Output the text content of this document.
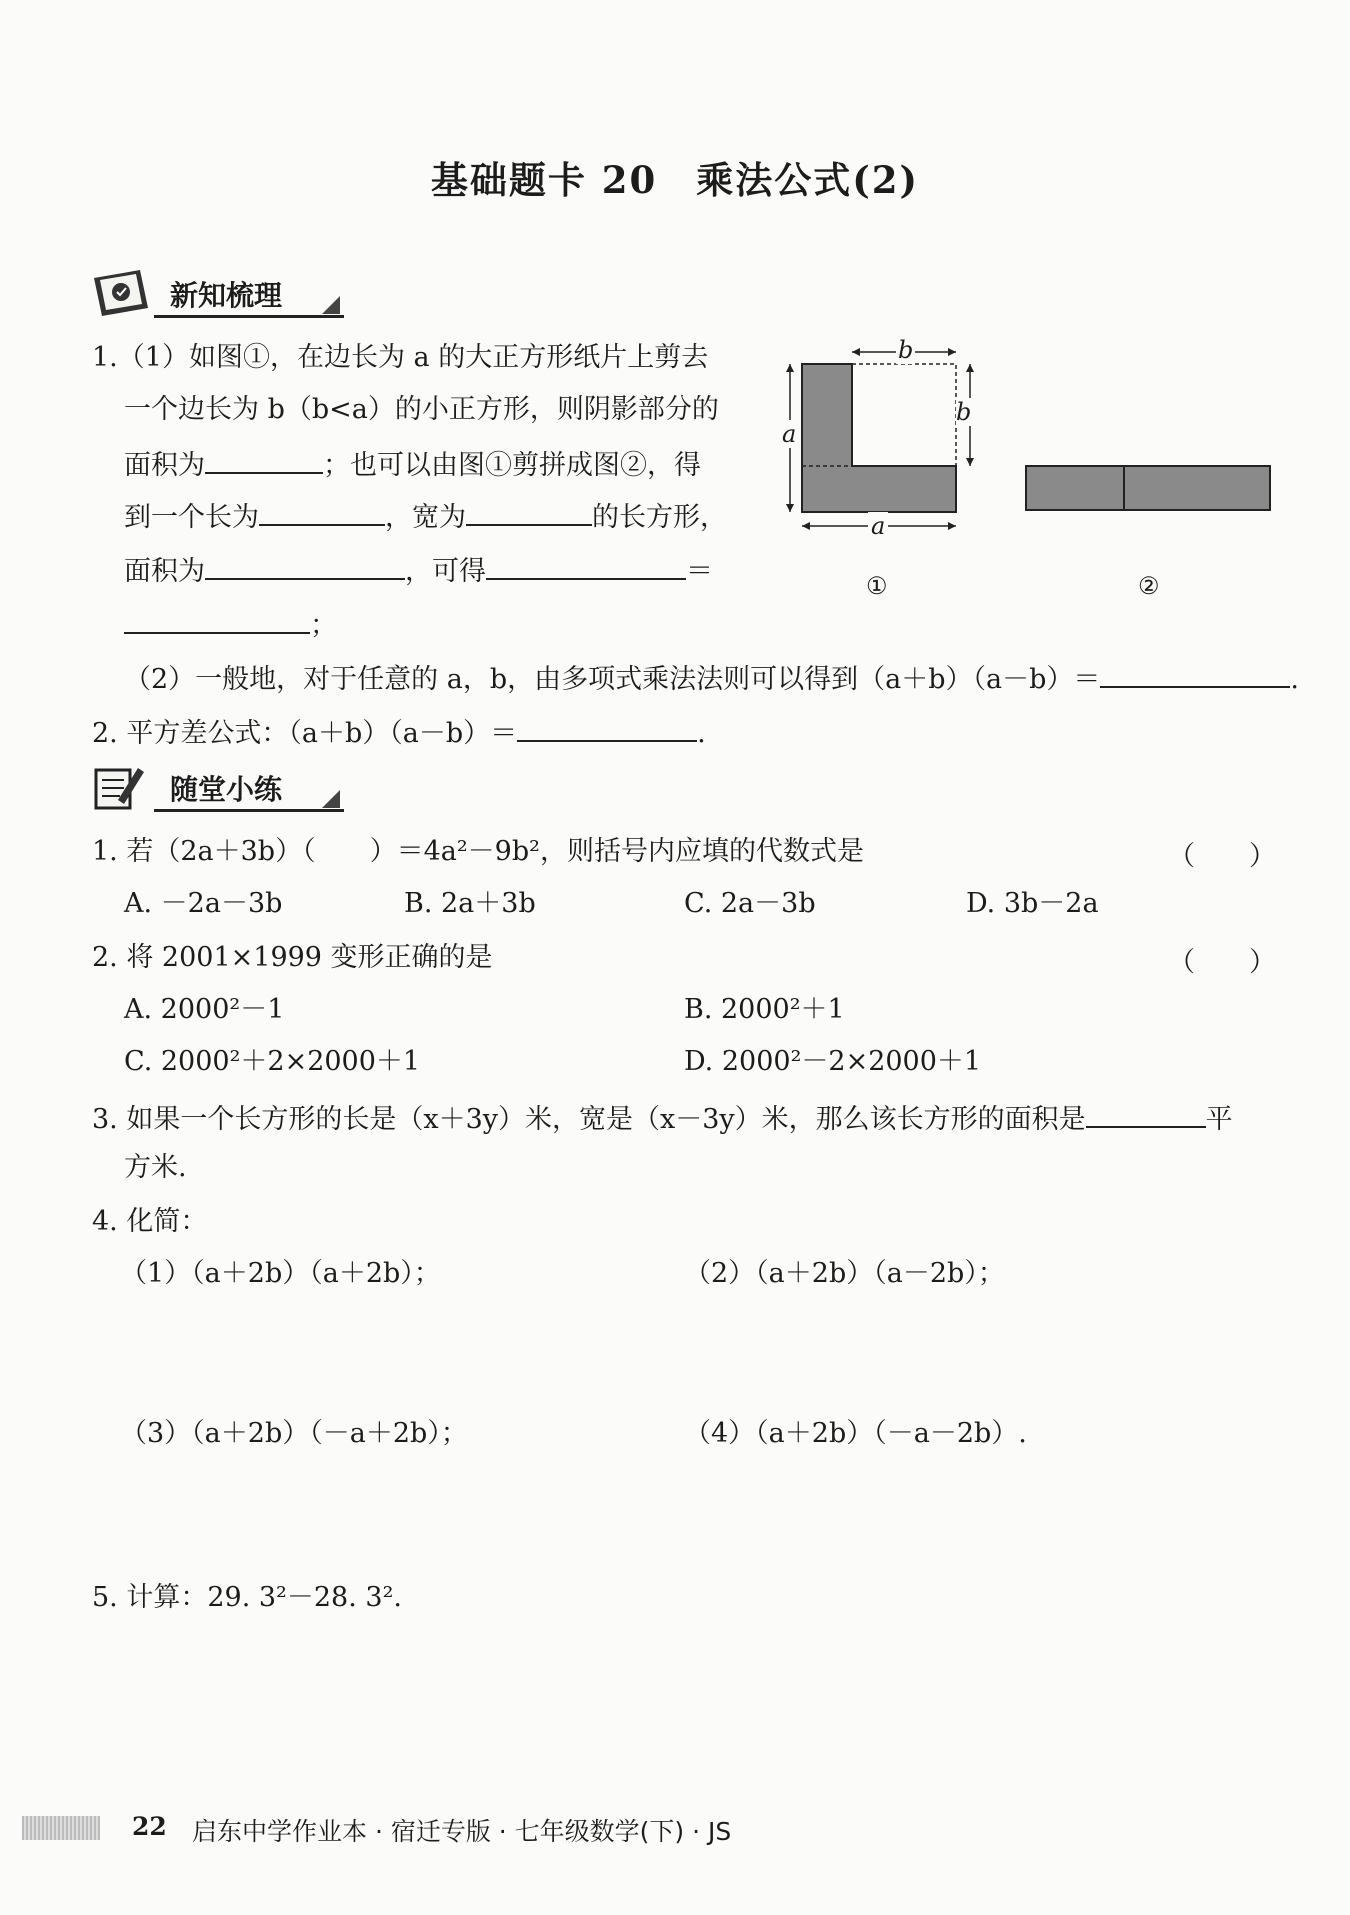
基础题卡 20　乘法公式(2)
新知梳理
1.（1）如图①，在边长为 a 的大正方形纸片上剪去
一个边长为 b（b<a）的小正方形，则阴影部分的
面积为	；也可以由图①剪拼成图②，得
到一个长为	，宽为	的长方形，
面积为	，可得	＝
；
（2）一般地，对于任意的 a，b，由多项式乘法法则可以得到（a＋b）（a－b）＝	.
2. 平方差公式：（a＋b）（a－b）＝	.
b
b
a
a
①	②
随堂小练
1. 若（2a＋3b）（　　）＝4a²－9b²，则括号内应填的代数式是	（　　）
A. －2a－3b	B. 2a＋3b	C. 2a－3b	D. 3b－2a
2. 将 2001×1999 变形正确的是	（　　）
A. 2000²－1	B. 2000²＋1
C. 2000²＋2×2000＋1	D. 2000²－2×2000＋1
3. 如果一个长方形的长是（x＋3y）米，宽是（x－3y）米，那么该长方形的面积是	平
方米.
4. 化简：
（1）（a＋2b）（a＋2b）；	（2）（a＋2b）（a－2b）；
（3）（a＋2b）（－a＋2b）；	（4）（a＋2b）（－a－2b）.
5. 计算：29. 3²－28. 3².
22 启东中学作业本 · 宿迁专版 · 七年级数学(下) · JS
